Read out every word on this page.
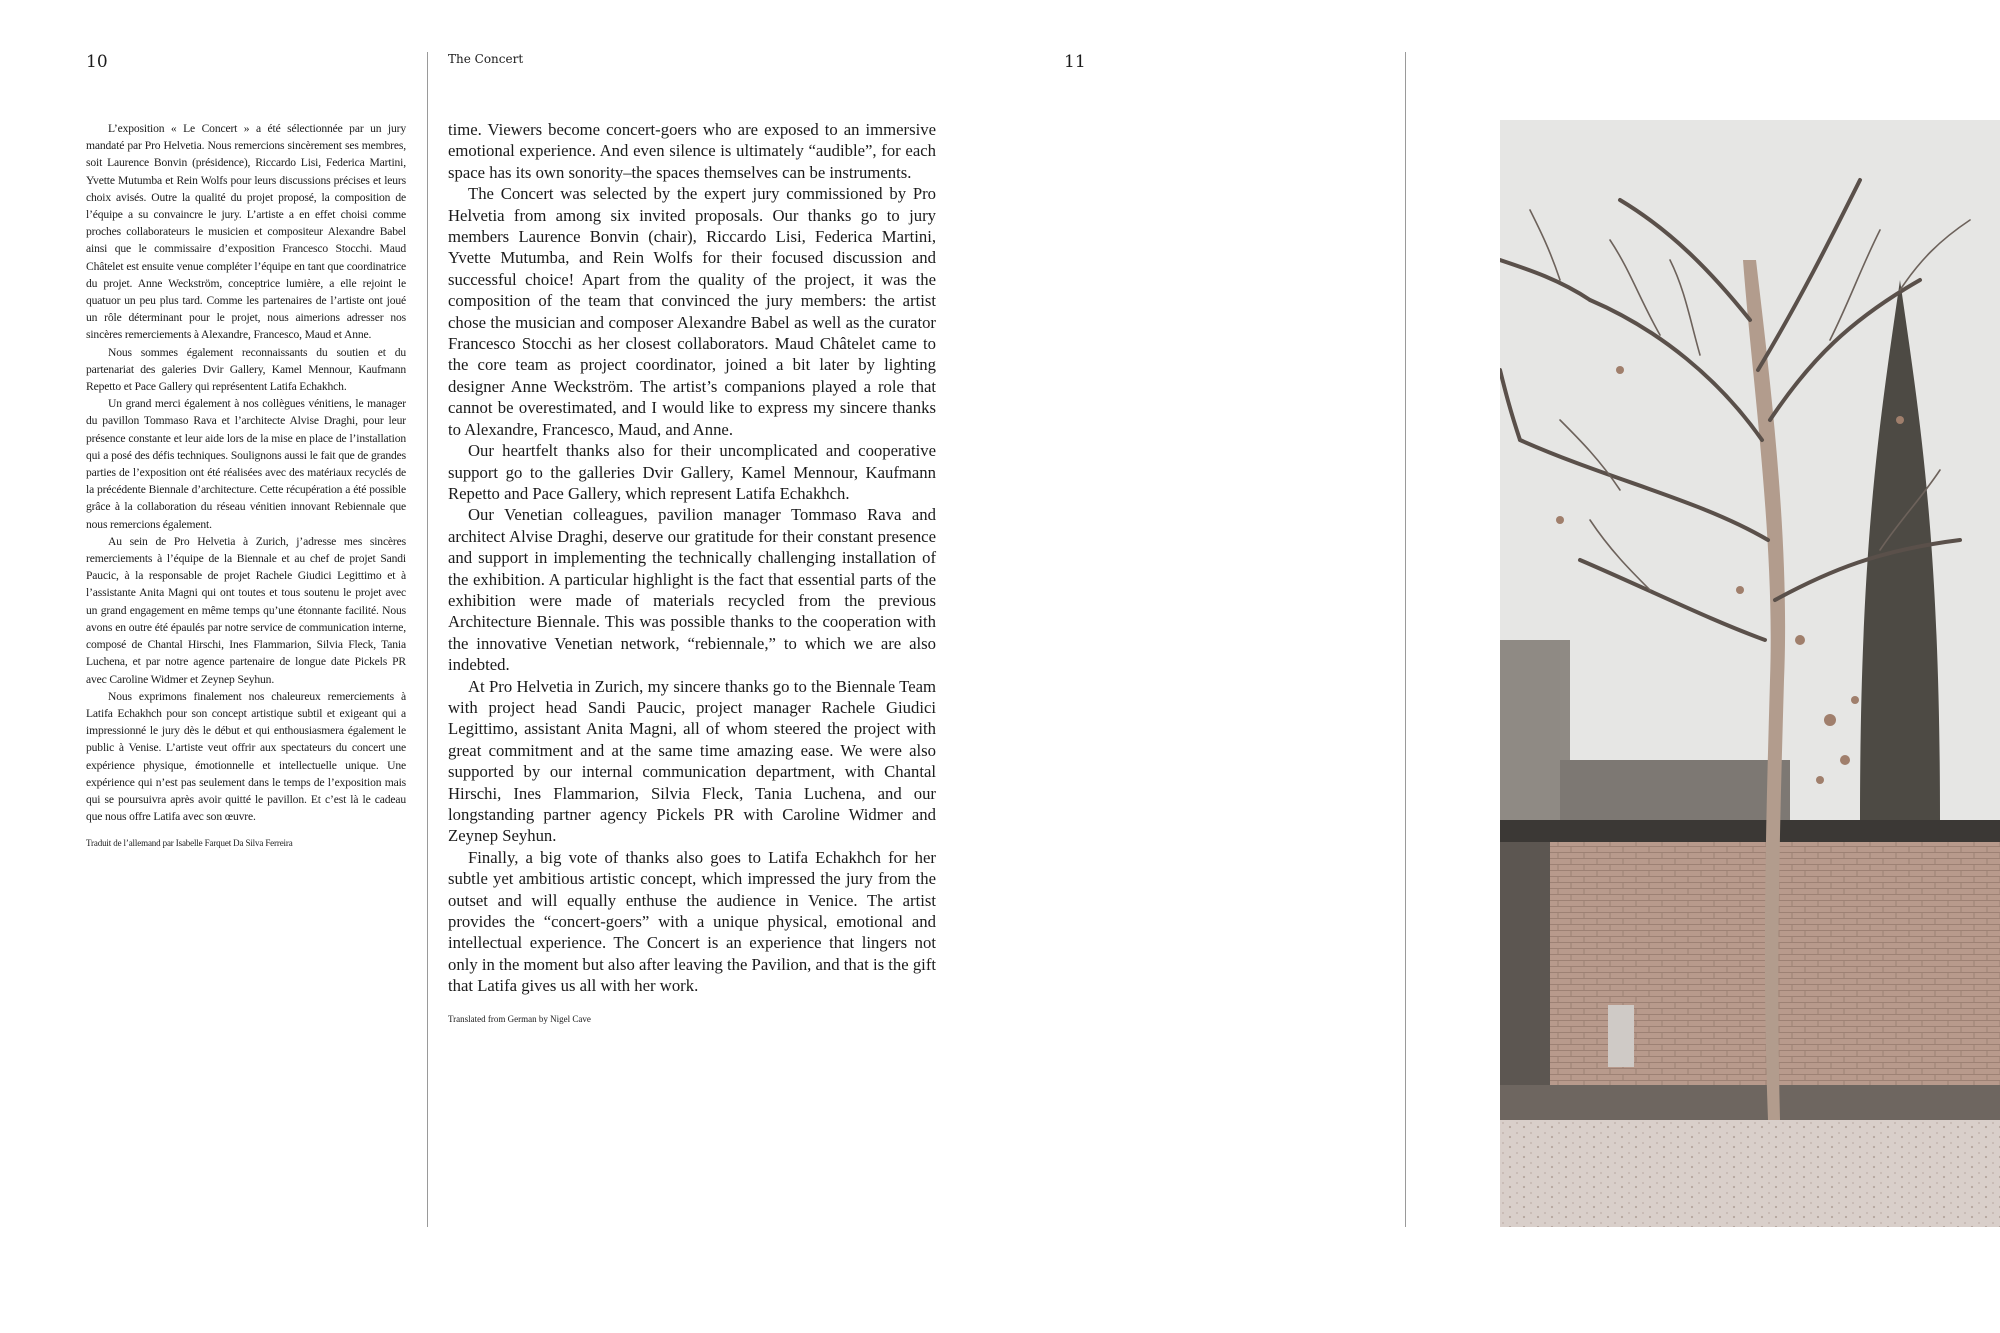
10	The Concert	11

L’exposition « Le Concert » a été sélectionnée par un jury mandaté par Pro Helvetia. Nous remercions sincèrement ses membres, soit Laurence Bonvin (présidence), Riccardo Lisi, Federica Martini, Yvette Mutumba et Rein Wolfs pour leurs discussions précises et leurs choix avisés. Outre la qualité du projet proposé, la composition de l’équipe a su convaincre le jury. L’artiste a en effet choisi comme proches collaborateurs le musicien et compositeur Alexandre Babel ainsi que le commissaire d’exposition Francesco Stocchi. Maud Châtelet est ensuite venue compléter l’équipe en tant que coordinatrice du projet. Anne Weckström, conceptrice lumière, a elle rejoint le quatuor un peu plus tard. Comme les partenaires de l’artiste ont joué un rôle déterminant pour le projet, nous aimerions adresser nos sincères remerciements à Alexandre, Francesco, Maud et Anne.

Nous sommes également reconnaissants du soutien et du partenariat des galeries Dvir Gallery, Kamel Mennour, Kaufmann Repetto et Pace Gallery qui représentent Latifa Echakhch.

Un grand merci également à nos collègues vénitiens, le manager du pavillon Tommaso Rava et l’architecte Alvise Draghi, pour leur présence constante et leur aide lors de la mise en place de l’installation qui a posé des défis techniques. Soulignons aussi le fait que de grandes parties de l’exposition ont été réalisées avec des matériaux recyclés de la précédente Biennale d’architecture. Cette récupération a été possible grâce à la collaboration du réseau vénitien innovant Rebiennale que nous remercions également.

Au sein de Pro Helvetia à Zurich, j’adresse mes sincères remerciements à l’équipe de la Biennale et au chef de projet Sandi Paucic, à la responsable de projet Rachele Giudici Legittimo et à l’assistante Anita Magni qui ont toutes et tous soutenu le projet avec un grand engagement en même temps qu’une étonnante facilité. Nous avons en outre été épaulés par notre service de communication interne, composé de Chantal Hirschi, Ines Flammarion, Silvia Fleck, Tania Luchena, et par notre agence partenaire de longue date Pickels PR avec Caroline Widmer et Zeynep Seyhun.

Nous exprimons finalement nos chaleureux remerciements à Latifa Echakhch pour son concept artistique subtil et exigeant qui a impressionné le jury dès le début et qui enthousiasmera également le public à Venise. L’artiste veut offrir aux spectateurs du concert une expérience physique, émotionnelle et intellectuelle unique. Une expérience qui n’est pas seulement dans le temps de l’exposition mais qui se poursuivra après avoir quitté le pavillon. Et c’est là le cadeau que nous offre Latifa avec son œuvre.

Traduit de l’allemand par Isabelle Farquet Da Silva Ferreira

time. Viewers become concert-goers who are exposed to an immersive emotional experience. And even silence is ultimately “audible”, for each space has its own sonority–the spaces themselves can be instruments.

The Concert was selected by the expert jury commissioned by Pro Helvetia from among six invited proposals. Our thanks go to jury members Laurence Bonvin (chair), Riccardo Lisi, Federica Martini, Yvette Mutumba, and Rein Wolfs for their focused discussion and successful choice! Apart from the quality of the project, it was the composition of the team that convinced the jury members: the artist chose the musician and composer Alexandre Babel as well as the curator Francesco Stocchi as her closest collaborators. Maud Châtelet came to the core team as project coordinator, joined a bit later by lighting designer Anne Weckström. The artist’s companions played a role that cannot be overestimated, and I would like to express my sincere thanks to Alexandre, Francesco, Maud, and Anne.

Our heartfelt thanks also for their uncomplicated and cooperative support go to the galleries Dvir Gallery, Kamel Mennour, Kaufmann Repetto and Pace Gallery, which represent Latifa Echakhch.

Our Venetian colleagues, pavilion manager Tommaso Rava and architect Alvise Draghi, deserve our gratitude for their constant presence and support in implementing the technically challenging installation of the exhibition. A particular highlight is the fact that essential parts of the exhibition were made of materials recycled from the previous Architecture Biennale. This was possible thanks to the cooperation with the innovative Venetian network, “rebiennale,” to which we are also indebted.

At Pro Helvetia in Zurich, my sincere thanks go to the Biennale Team with project head Sandi Paucic, project manager Rachele Giudici Legittimo, assistant Anita Magni, all of whom steered the project with great commitment and at the same time amazing ease. We were also supported by our internal communication department, with Chantal Hirschi, Ines Flammarion, Silvia Fleck, Tania Luchena, and our longstanding partner agency Pickels PR with Caroline Widmer and Zeynep Seyhun.

Finally, a big vote of thanks also goes to Latifa Echakhch for her subtle yet ambitious artistic concept, which impressed the jury from the outset and will equally enthuse the audience in Venice. The artist provides the “concert-goers” with a unique physical, emotional and intellectual experience. The Concert is an experience that lingers not only in the moment but also after leaving the Pavilion, and that is the gift that Latifa gives us all with her work.

Translated from German by Nigel Cave
